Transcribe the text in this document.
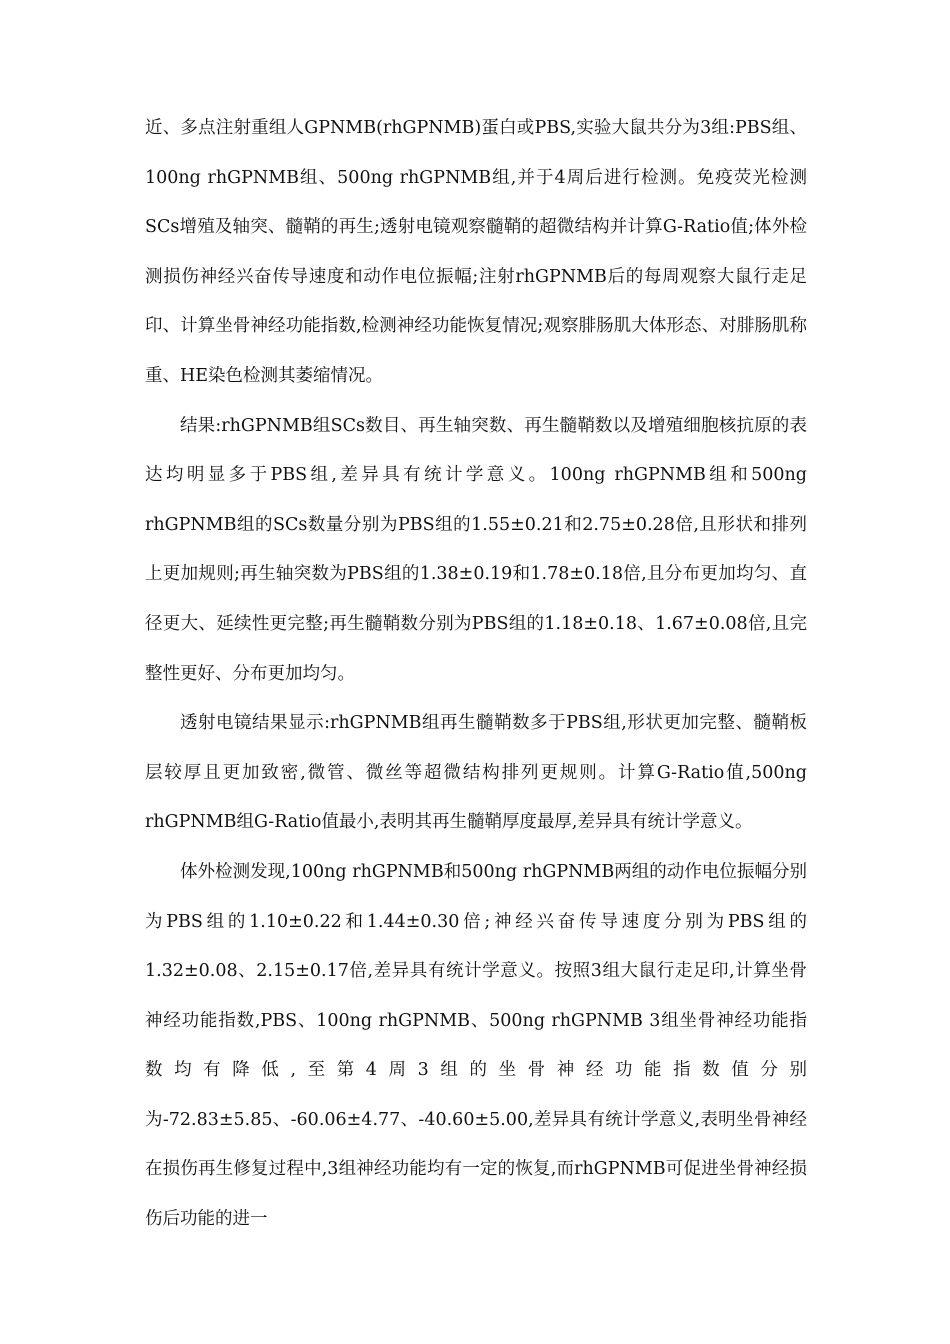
近、多点注射重组人GPNMB(rhGPNMB)蛋白或PBS,实验大鼠共分为3组:PBS组、100ng rhGPNMB组、500ng rhGPNMB组,并于4周后进行检测。免疫荧光检测SCs增殖及轴突、髓鞘的再生;透射电镜观察髓鞘的超微结构并计算G-Ratio值;体外检测损伤神经兴奋传导速度和动作电位振幅;注射rhGPNMB后的每周观察大鼠行走足印、计算坐骨神经功能指数,检测神经功能恢复情况;观察腓肠肌大体形态、对腓肠肌称重、HE染色检测其萎缩情况。

结果:rhGPNMB组SCs数目、再生轴突数、再生髓鞘数以及增殖细胞核抗原的表达均明显多于PBS组,差异具有统计学意义。100ng rhGPNMB组和500ng rhGPNMB组的SCs数量分别为PBS组的1.55±0.21和2.75±0.28倍,且形状和排列上更加规则;再生轴突数为PBS组的1.38±0.19和1.78±0.18倍,且分布更加均匀、直径更大、延续性更完整;再生髓鞘数分别为PBS组的1.18±0.18、1.67±0.08倍,且完整性更好、分布更加均匀。

透射电镜结果显示:rhGPNMB组再生髓鞘数多于PBS组,形状更加完整、髓鞘板层较厚且更加致密,微管、微丝等超微结构排列更规则。计算G-Ratio值,500ng rhGPNMB组G-Ratio值最小,表明其再生髓鞘厚度最厚,差异具有统计学意义。

体外检测发现,100ng rhGPNMB和500ng rhGPNMB两组的动作电位振幅分别为PBS组的1.10±0.22和1.44±0.30倍;神经兴奋传导速度分别为PBS组的1.32±0.08、2.15±0.17倍,差异具有统计学意义。按照3组大鼠行走足印,计算坐骨神经功能指数,PBS、100ng rhGPNMB、500ng rhGPNMB 3组坐骨神经功能指数均有降低,至第4周3组的坐骨神经功能指数值分别为-72.83±5.85、-60.06±4.77、-40.60±5.00,差异具有统计学意义,表明坐骨神经在损伤再生修复过程中,3组神经功能均有一定的恢复,而rhGPNMB可促进坐骨神经损伤后功能的进一
